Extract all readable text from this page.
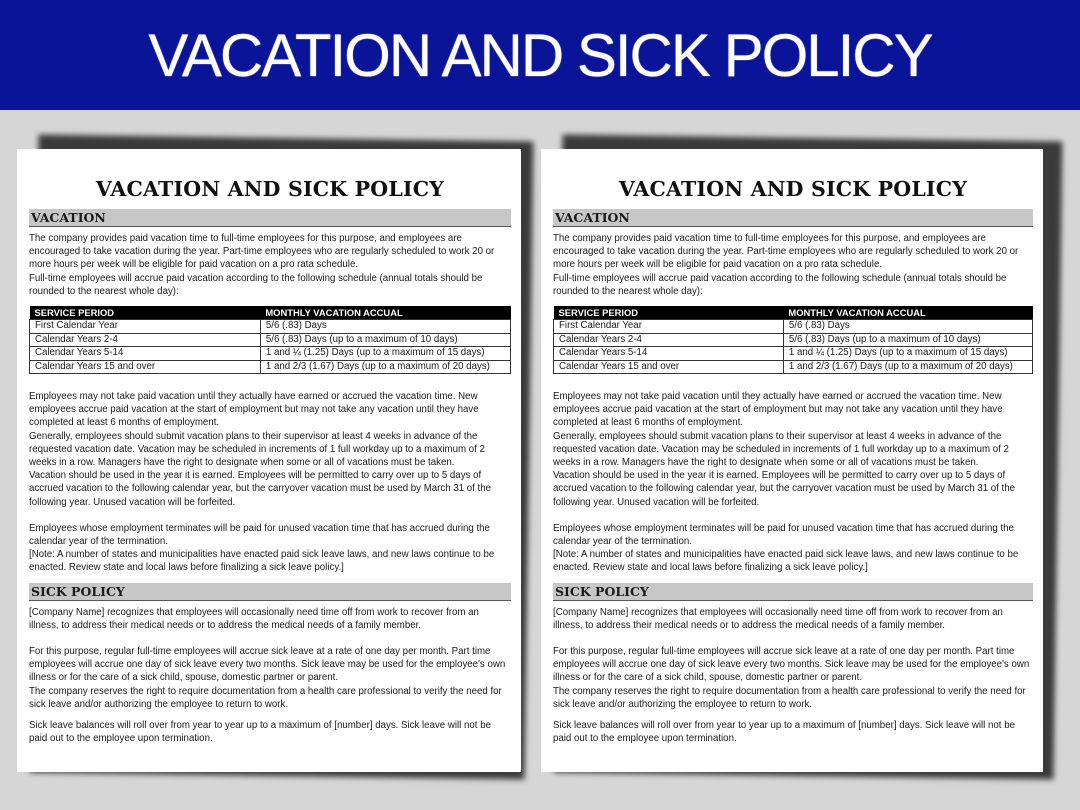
VACATION AND SICK POLICY
VACATION AND SICK POLICY
VACATION

The company provides paid vacation time to full-time employees for this purpose, and employees are encouraged to take vacation during the year. Part-time employees who are regularly scheduled to work 20 or more hours per week will be eligible for paid vacation on a pro rata schedule.

Full-time employees will accrue paid vacation according to the following schedule (annual totals should be rounded to the nearest whole day):

SERVICE PERIOD	MONTHLY VACATION ACCUAL
First Calendar Year	5/6 (.83) Days
Calendar Years 2-4	5/6 (.83) Days (up to a maximum of 10 days)
Calendar Years 5-14	1 and ¼ (1.25) Days (up to a maximum of 15 days)
Calendar Years 15 and over	1 and 2/3 (1.67) Days (up to a maximum of 20 days)

Employees may not take paid vacation until they actually have earned or accrued the vacation time. New employees accrue paid vacation at the start of employment but may not take any vacation until they have completed at least 6 months of employment.

Generally, employees should submit vacation plans to their supervisor at least 4 weeks in advance of the requested vacation date. Vacation may be scheduled in increments of 1 full workday up to a maximum of 2 weeks in a row. Managers have the right to designate when some or all of vacations must be taken.

Vacation should be used in the year it is earned. Employees will be permitted to carry over up to 5 days of accrued vacation to the following calendar year, but the carryover vacation must be used by March 31 of the following year. Unused vacation will be forfeited.

Employees whose employment terminates will be paid for unused vacation time that has accrued during the calendar year of the termination.

[Note: A number of states and municipalities have enacted paid sick leave laws, and new laws continue to be enacted. Review state and local laws before finalizing a sick leave policy.]

SICK POLICY

[Company Name] recognizes that employees will occasionally need time off from work to recover from an illness, to address their medical needs or to address the medical needs of a family member.

For this purpose, regular full-time employees will accrue sick leave at a rate of one day per month. Part time employees will accrue one day of sick leave every two months. Sick leave may be used for the employee's own illness or for the care of a sick child, spouse, domestic partner or parent.

The company reserves the right to require documentation from a health care professional to verify the need for sick leave and/or authorizing the employee to return to work.

Sick leave balances will roll over from year to year up to a maximum of [number] days. Sick leave will not be paid out to the employee upon termination.

VACATION AND SICK POLICY
VACATION

The company provides paid vacation time to full-time employees for this purpose, and employees are encouraged to take vacation during the year. Part-time employees who are regularly scheduled to work 20 or more hours per week will be eligible for paid vacation on a pro rata schedule.

Full-time employees will accrue paid vacation according to the following schedule (annual totals should be rounded to the nearest whole day):

SERVICE PERIOD	MONTHLY VACATION ACCUAL
First Calendar Year	5/6 (.83) Days
Calendar Years 2-4	5/6 (.83) Days (up to a maximum of 10 days)
Calendar Years 5-14	1 and ¼ (1.25) Days (up to a maximum of 15 days)
Calendar Years 15 and over	1 and 2/3 (1.67) Days (up to a maximum of 20 days)

Employees may not take paid vacation until they actually have earned or accrued the vacation time. New employees accrue paid vacation at the start of employment but may not take any vacation until they have completed at least 6 months of employment.

Generally, employees should submit vacation plans to their supervisor at least 4 weeks in advance of the requested vacation date. Vacation may be scheduled in increments of 1 full workday up to a maximum of 2 weeks in a row. Managers have the right to designate when some or all of vacations must be taken.

Vacation should be used in the year it is earned. Employees will be permitted to carry over up to 5 days of accrued vacation to the following calendar year, but the carryover vacation must be used by March 31 of the following year. Unused vacation will be forfeited.

Employees whose employment terminates will be paid for unused vacation time that has accrued during the calendar year of the termination.

[Note: A number of states and municipalities have enacted paid sick leave laws, and new laws continue to be enacted. Review state and local laws before finalizing a sick leave policy.]

SICK POLICY

[Company Name] recognizes that employees will occasionally need time off from work to recover from an illness, to address their medical needs or to address the medical needs of a family member.

For this purpose, regular full-time employees will accrue sick leave at a rate of one day per month. Part time employees will accrue one day of sick leave every two months. Sick leave may be used for the employee's own illness or for the care of a sick child, spouse, domestic partner or parent.

The company reserves the right to require documentation from a health care professional to verify the need for sick leave and/or authorizing the employee to return to work.

Sick leave balances will roll over from year to year up to a maximum of [number] days. Sick leave will not be paid out to the employee upon termination.
